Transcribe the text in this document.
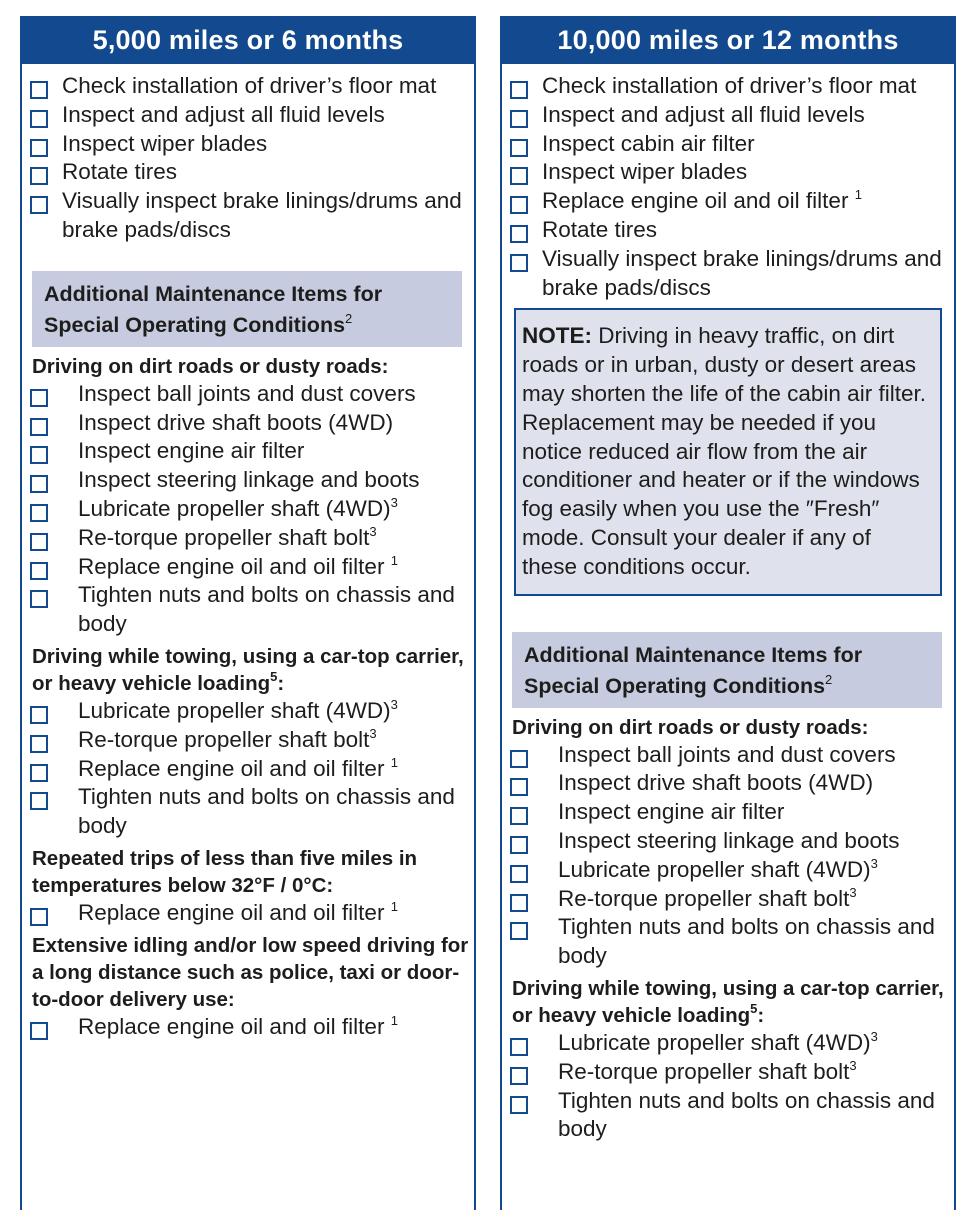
5,000 miles or 6 months
Check installation of driver’s floor mat
Inspect and adjust all fluid levels
Inspect wiper blades
Rotate tires
Visually inspect brake linings/drums and brake pads/discs
Additional Maintenance Items for Special Operating Conditions$^2$
Driving on dirt roads or dusty roads:
Inspect ball joints and dust covers
Inspect drive shaft boots (4WD)
Inspect engine air filter
Inspect steering linkage and boots
Lubricate propeller shaft $(4WD)^3$
Re-torque propeller shaft bolt$^3$
Replace engine oil and oil filter $^1$
Tighten nuts and bolts on chassis and body
Driving while towing, using a car-top carrier, or heavy vehicle loading$^5$:
Lubricate propeller shaft $(4WD)^3$
Re-torque propeller shaft bolt$^3$
Replace engine oil and oil filter $^1$
Tighten nuts and bolts on chassis and body
Repeated trips of less than five miles in temperatures below 32°F / 0°C:
Replace engine oil and oil filter $^1$
Extensive idling and/or low speed driving for a long distance such as police, taxi or door-to-door delivery use:
Replace engine oil and oil filter $^1$
10,000 miles or 12 months
Check installation of driver’s floor mat
Inspect and adjust all fluid levels
Inspect cabin air filter
Inspect wiper blades
Replace engine oil and oil filter $^1$
Rotate tires
Visually inspect brake linings/drums and brake pads/discs
NOTE: Driving in heavy traffic, on dirt roads or in urban, dusty or desert areas may shorten the life of the cabin air filter. Replacement may be needed if you notice reduced air flow from the air conditioner and heater or if the windows fog easily when you use the ″Fresh″ mode. Consult your dealer if any of these conditions occur.
Additional Maintenance Items for Special Operating Conditions$^2$
Driving on dirt roads or dusty roads:
Inspect ball joints and dust covers
Inspect drive shaft boots (4WD)
Inspect engine air filter
Inspect steering linkage and boots
Lubricate propeller shaft $(4WD)^3$
Re-torque propeller shaft bolt$^3$
Tighten nuts and bolts on chassis and body
Driving while towing, using a car-top carrier, or heavy vehicle loading$^5$:
Lubricate propeller shaft $(4WD)^3$
Re-torque propeller shaft bolt$^3$
Tighten nuts and bolts on chassis and body
